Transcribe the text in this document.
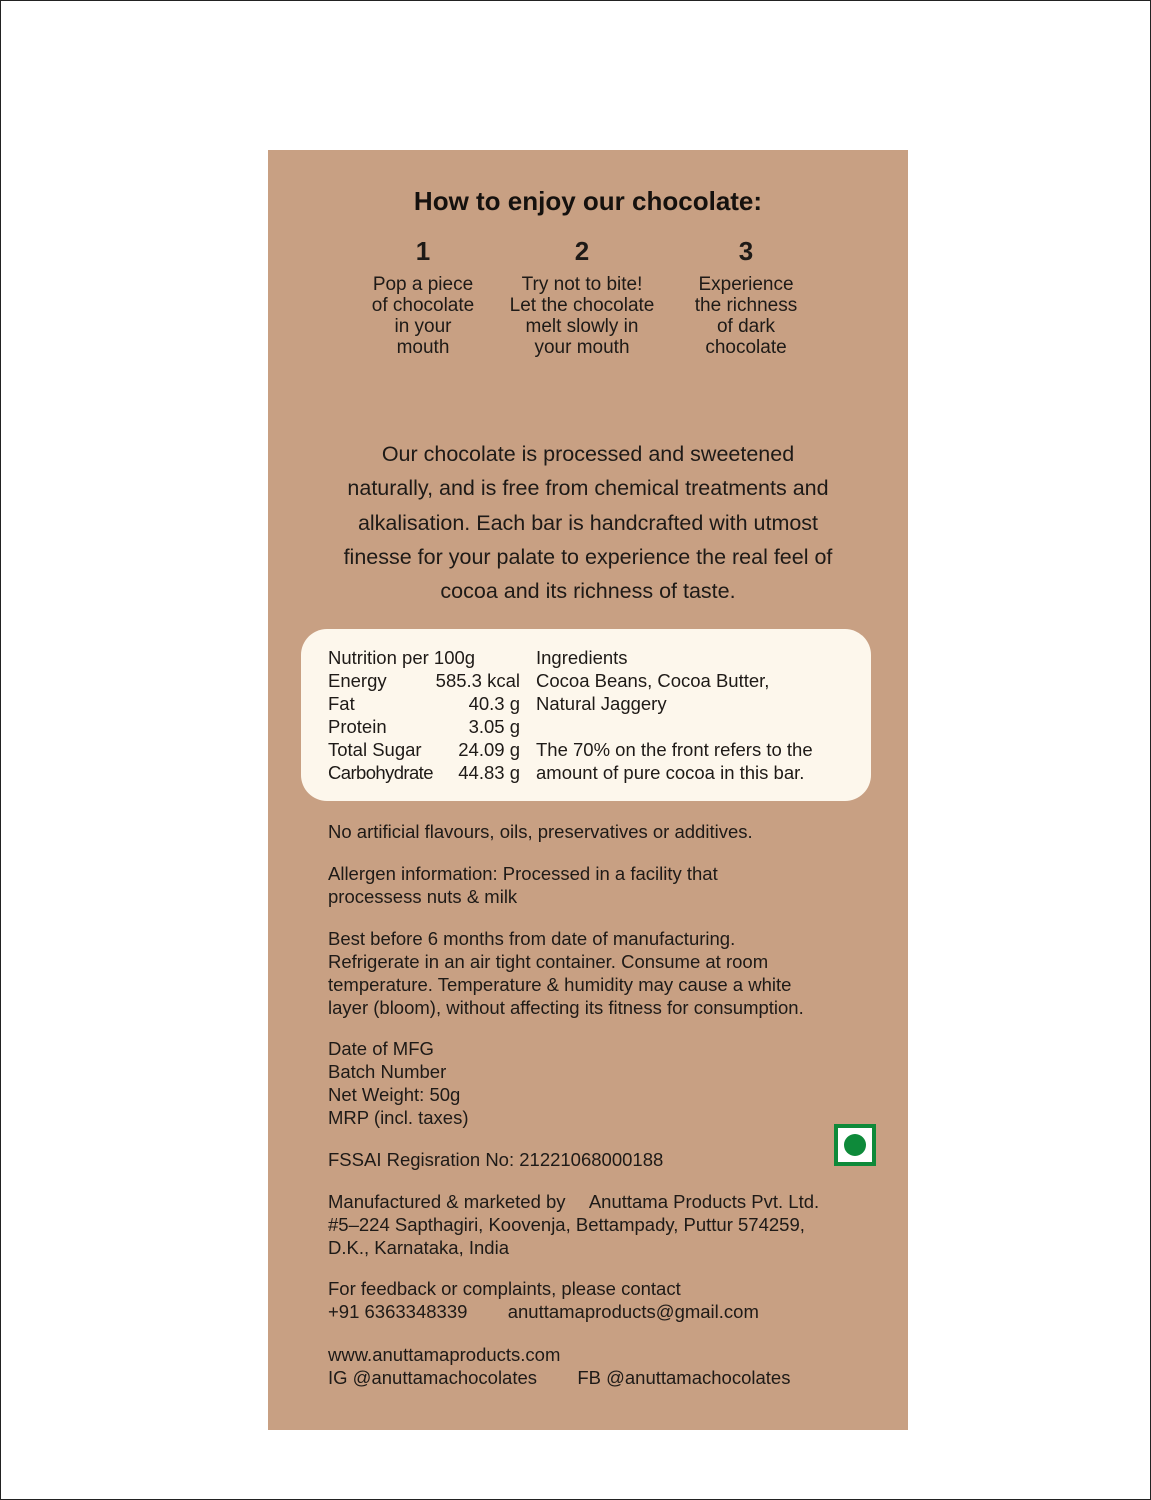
How to enjoy our chocolate:
1
Pop a piece
of chocolate
in your
mouth
2
Try not to bite!
Let the chocolate
melt slowly in
your mouth
3
Experience
the richness
of dark
chocolate
Our chocolate is processed and sweetened
naturally, and is free from chemical treatments and
alkalisation. Each bar is handcrafted with utmost
finesse for your palate to experience the real feel of
cocoa and its richness of taste.
Nutrition per 100g
Energy	585.3 kcal
Fat	40.3 g
Protein	3.05 g
Total Sugar 24.09 g
Carbohydrate 44.83 g
Ingredients
Cocoa Beans, Cocoa Butter,
Natural Jaggery
The 70% on the front refers to the
amount of pure cocoa in this bar.
No artificial flavours, oils, preservatives or additives.
Allergen information: Processed in a facility that
processess nuts & milk
Best before 6 months from date of manufacturing.
Refrigerate in an air tight container. Consume at room
temperature. Temperature & humidity may cause a white
layer (bloom), without affecting its fitness for consumption.
Date of MFG
Batch Number
Net Weight: 50g
MRP (incl. taxes)
FSSAI Regisration No: 21221068000188
Manufactured & marketed by Anuttama Products Pvt. Ltd.
#5–224 Sapthagiri, Koovenja, Bettampady, Puttur 574259,
D.K., Karnataka, India
For feedback or complaints, please contact
+91 6363348339 anuttamaproducts@gmail.com
www.anuttamaproducts.com
IG @anuttamachocolates FB @anuttamachocolates
